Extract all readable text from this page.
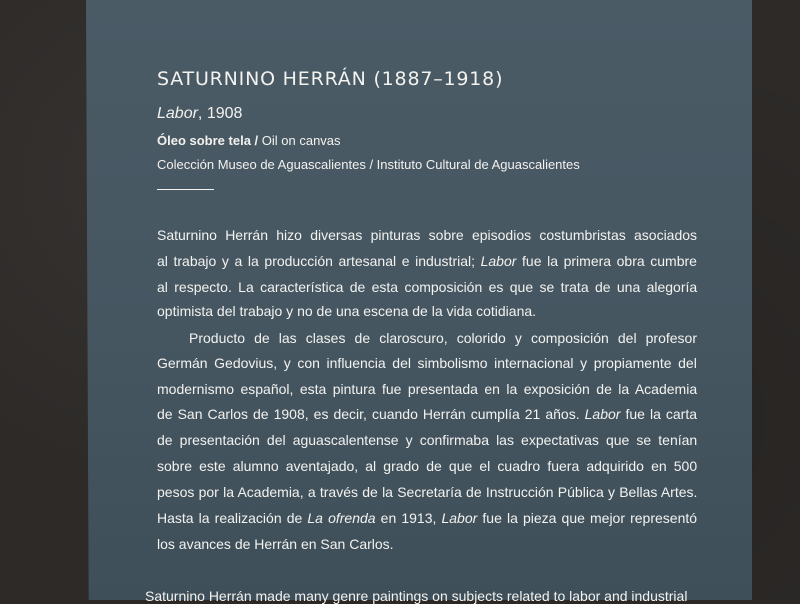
SATURNINO HERRÁN (1887–1918)
Labor, 1908
Óleo sobre tela / Oil on canvas
Colección Museo de Aguascalientes / Instituto Cultural de Aguascalientes
Saturnino Herrán hizo diversas pinturas sobre episodios costumbristas asociados
al trabajo y a la producción artesanal e industrial; Labor fue la primera obra cumbre
al respecto. La característica de esta composición es que se trata de una alegoría
optimista del trabajo y no de una escena de la vida cotidiana.
Producto de las clases de claroscuro, colorido y composición del profesor
Germán Gedovius, y con influencia del simbolismo internacional y propiamente del
modernismo español, esta pintura fue presentada en la exposición de la Academia
de San Carlos de 1908, es decir, cuando Herrán cumplía 21 años. Labor fue la carta
de presentación del aguascalentense y confirmaba las expectativas que se tenían
sobre este alumno aventajado, al grado de que el cuadro fuera adquirido en 500
pesos por la Academia, a través de la Secretaría de Instrucción Pública y Bellas Artes.
Hasta la realización de La ofrenda en 1913, Labor fue la pieza que mejor representó
los avances de Herrán en San Carlos.
Saturnino Herrán made many genre paintings on subjects related to labor and industrial
